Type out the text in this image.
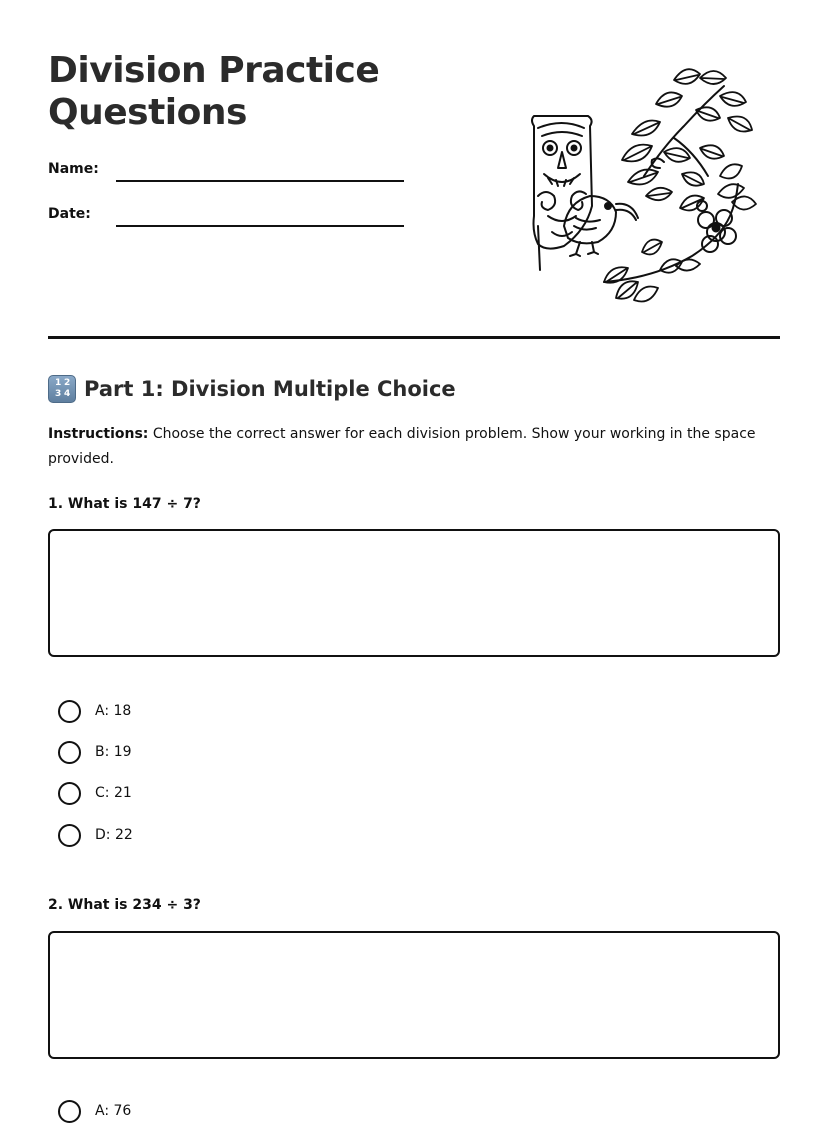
Division Practice Questions
Name:
Date:
1 2
3 4 Part 1: Division Multiple Choice

Instructions: Choose the correct answer for each division problem. Show your working in the space provided.

1. What is 147 ÷ 7?

A: 18
B: 19
C: 21
D: 22

2. What is 234 ÷ 3?

A: 76
